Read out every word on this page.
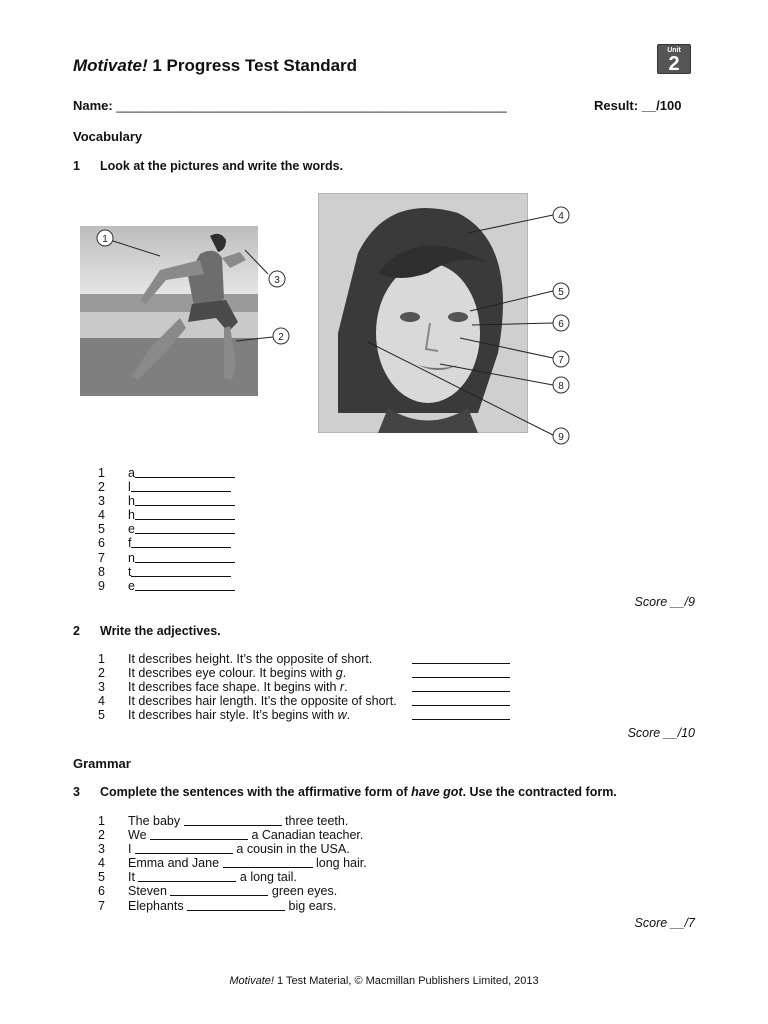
Motivate! 1 Progress Test Standard
Unit
2
Name: ______________________________________________________	Result: __/100
Vocabulary
1 Look at the pictures and write the words.
1
2
3
4
5
6
7
8
9
1	a
2	l
3	h
4	h
5	e
6	f
7	n
8	t
9	e
Score __/9
2 Write the adjectives.
1	It describes height. It’s the opposite of short.
2	It describes eye colour. It begins with g.
3	It describes face shape. It begins with r.
4	It describes hair length. It’s the opposite of short.
5	It describes hair style. It’s begins with w.
Score __/10
Grammar
3 Complete the sentences with the affirmative form of have got. Use the contracted form.
1	The baby	three teeth.
2	We	a Canadian teacher.
3	I	a cousin in the USA.
4	Emma and Jane	long hair.
5	It	a long tail.
6	Steven	green eyes.
7	Elephants	big ears.
Score __/7
Motivate! 1 Test Material, © Macmillan Publishers Limited, 2013
